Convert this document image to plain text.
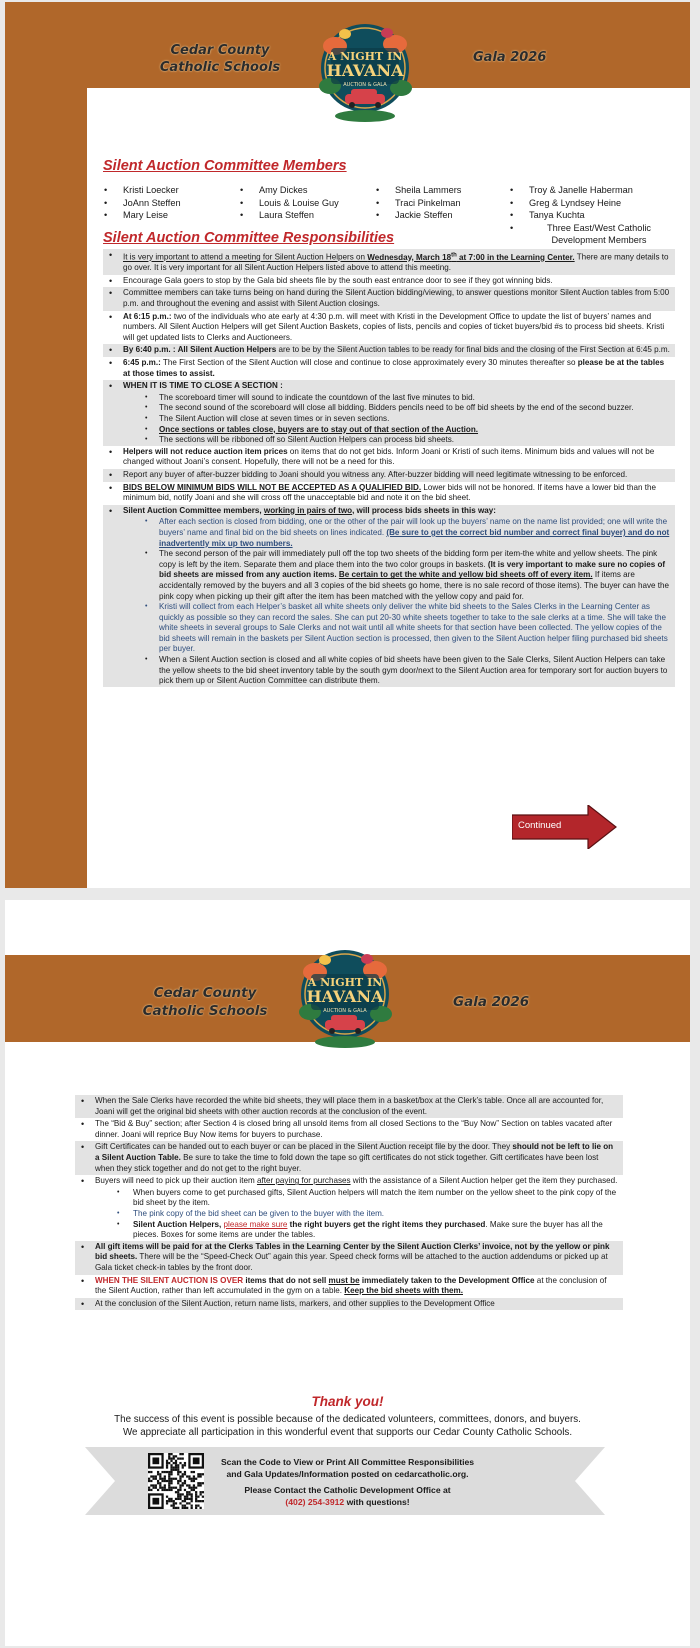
Cedar County
Catholic Schools
Gala 2026
A NIGHT IN
HAVANA
AUCTION & GALA
Silent Auction Committee Members
• Kristi Loecker
• JoAnn Steffen
• Mary Leise
• Amy Dickes
• Louis & Louise Guy
• Laura Steffen
• Sheila Lammers
• Traci Pinkelman
• Jackie Steffen
• Troy & Janelle Haberman
• Greg & Lyndsey Heine
• Tanya Kuchta
• Three East/West Catholic Development Members
Silent Auction Committee Responsibilities
• It is very important to attend a meeting for Silent Auction Helpers on Wednesday, March 18th at 7:00 in the Learning Center. There are many details to go over. It is very important for all Silent Auction Helpers listed above to attend this meeting.
• Encourage Gala goers to stop by the Gala bid sheets file by the south east entrance door to see if they got winning bids.
• Committee members can take turns being on hand during the Silent Auction bidding/viewing, to answer questions monitor Silent Auction tables from 5:00 p.m. and throughout the evening and assist with Silent Auction closings.
• At 6:15 p.m.: two of the individuals who ate early at 4:30 p.m. will meet with Kristi in the Development Office to update the list of buyers’ names and numbers. All Silent Auction Helpers will get Silent Auction Baskets, copies of lists, pencils and copies of ticket buyers/bid #s to process bid sheets. Kristi will get updated lists to Clerks and Auctioneers.
• By 6:40 p.m. : All Silent Auction Helpers are to be by the Silent Auction tables to be ready for final bids and the closing of the First Section at 6:45 p.m.
• 6:45 p.m.: The First Section of the Silent Auction will close and continue to close approximately every 30 minutes thereafter so please be at the tables at those times to assist.
• WHEN IT IS TIME TO CLOSE A SECTION :
• The scoreboard timer will sound to indicate the countdown of the last five minutes to bid.
• The second sound of the scoreboard will close all bidding. Bidders pencils need to be off bid sheets by the end of the second buzzer.
• The Silent Auction will close at seven times or in seven sections.
• Once sections or tables close, buyers are to stay out of that section of the Auction.
• The sections will be ribboned off so Silent Auction Helpers can process bid sheets.
• Helpers will not reduce auction item prices on items that do not get bids. Inform Joani or Kristi of such items. Minimum bids and values will not be changed without Joani’s consent. Hopefully, there will not be a need for this.
• Report any buyer of after-buzzer bidding to Joani should you witness any. After-buzzer bidding will need legitimate witnessing to be enforced.
• BIDS BELOW MINIMUM BIDS WILL NOT BE ACCEPTED AS A QUALIFIED BID. Lower bids will not be honored. If items have a lower bid than the minimum bid, notify Joani and she will cross off the unacceptable bid and note it on the bid sheet.
• Silent Auction Committee members, working in pairs of two, will process bids sheets in this way:
• After each section is closed from bidding, one or the other of the pair will look up the buyers’ name on the name list provided; one will write the buyers’ name and final bid on the bid sheets on lines indicated. (Be sure to get the correct bid number and correct final buyer) and do not inadvertently mix up two numbers.
• The second person of the pair will immediately pull off the top two sheets of the bidding form per item-the white and yellow sheets. The pink copy is left by the item. Separate them and place them into the two color groups in baskets. (It is very important to make sure no copies of bid sheets are missed from any auction items. Be certain to get the white and yellow bid sheets off of every item. If items are accidentally removed by the buyers and all 3 copies of the bid sheets go home, there is no sale record of those items). The buyer can have the pink copy when picking up their gift after the item has been matched with the yellow copy and paid for.
• Kristi will collect from each Helper’s basket all white sheets only deliver the white bid sheets to the Sales Clerks in the Learning Center as quickly as possible so they can record the sales. She can put 20-30 white sheets together to take to the sale clerks at a time. She will take the white sheets in several groups to Sale Clerks and not wait until all white sheets for that section have been collected. The yellow copies of the bid sheets will remain in the baskets per Silent Auction section is processed, then given to the Silent Auction helper filing purchased bid sheets per buyer.
• When a Silent Auction section is closed and all white copies of bid sheets have been given to the Sale Clerks, Silent Auction Helpers can take the yellow sheets to the bid sheet inventory table by the south gym door/next to the Silent Auction area for temporary sort for auction buyers to pick them up or Silent Auction Committee can distribute them.
Continued
Cedar County
Catholic Schools
Gala 2026
A NIGHT IN
HAVANA
AUCTION & GALA
• When the Sale Clerks have recorded the white bid sheets, they will place them in a basket/box at the Clerk’s table. Once all are accounted for, Joani will get the original bid sheets with other auction records at the conclusion of the event.
• The “Bid & Buy” section; after Section 4 is closed bring all unsold items from all closed Sections to the “Buy Now” Section on tables vacated after dinner. Joani will reprice Buy Now items for buyers to purchase.
• Gift Certificates can be handed out to each buyer or can be placed in the Silent Auction receipt file by the door. They should not be left to lie on a Silent Auction Table. Be sure to take the time to fold down the tape so gift certificates do not stick together. Gift certificates have been lost when they stick together and do not get to the right buyer.
• Buyers will need to pick up their auction item after paying for purchases with the assistance of a Silent Auction helper get the item they purchased.
• When buyers come to get purchased gifts, Silent Auction helpers will match the item number on the yellow sheet to the pink copy of the bid sheet by the item.
• The pink copy of the bid sheet can be given to the buyer with the item.
• Silent Auction Helpers, please make sure the right buyers get the right items they purchased. Make sure the buyer has all the pieces. Boxes for some items are under the tables.
• All gift items will be paid for at the Clerks Tables in the Learning Center by the Silent Auction Clerks’ invoice, not by the yellow or pink bid sheets. There will be the “Speed-Check Out” again this year. Speed check forms will be attached to the auction addendums or picked up at Gala ticket check-in tables by the front door.
• WHEN THE SILENT AUCTION IS OVER items that do not sell must be immediately taken to the Development Office at the conclusion of the Silent Auction, rather than left accumulated in the gym on a table. Keep the bid sheets with them.
• At the conclusion of the Silent Auction, return name lists, markers, and other supplies to the Development Office
Thank you!
The success of this event is possible because of the dedicated volunteers, committees, donors, and buyers.
We appreciate all participation in this wonderful event that supports our Cedar County Catholic Schools.
Scan the Code to View or Print All Committee Responsibilities
and Gala Updates/Information posted on cedarcatholic.org.
Please Contact the Catholic Development Office at
(402) 254-3912 with questions!
